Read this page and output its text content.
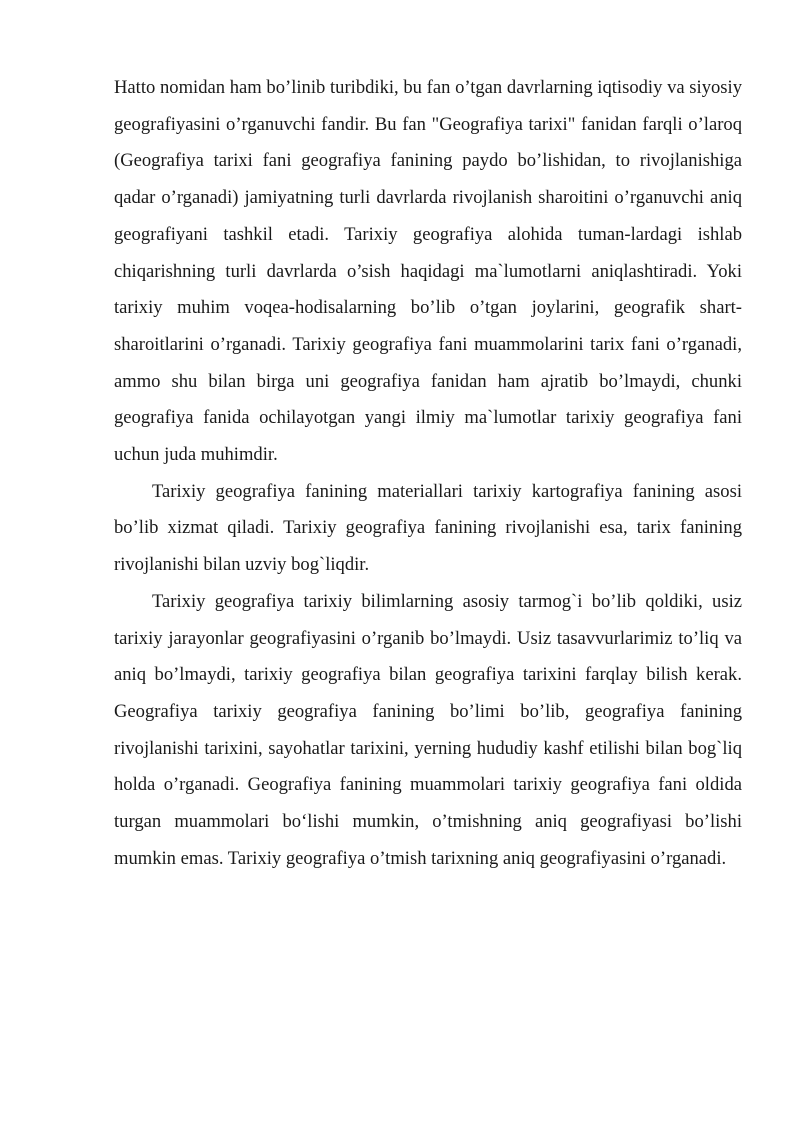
Hatto nomidan ham bo’linib turibdiki, bu fan o’tgan davrlarning iqtisodiy va siyosiy geografiyasini o’rganuvchi fandir. Bu fan "Geografiya tarixi" fanidan farqli o’laroq (Geografiya tarixi fani geografiya fanining paydo bo’lishidan, to rivojlanishiga qadar o’rganadi) jamiyatning turli davrlarda rivojlanish sharoitini o’rganuvchi aniq geografiyani tashkil etadi. Tarixiy geografiya alohida tuman-lardagi ishlab chiqarishning turli davrlarda o’sish haqidagi ma`lumotlarni aniqlashtiradi. Yoki tarixiy muhim voqea-hodisalarning bo’lib o’tgan joylarini, geografik shart-sharoitlarini o’rganadi. Tarixiy geografiya fani muammolarini tarix fani o’rganadi, ammo shu bilan birga uni geografiya fanidan ham ajratib bo’lmaydi, chunki geografiya fanida ochilayotgan yangi ilmiy ma`lumotlar tarixiy geografiya fani uchun juda muhimdir.

Tarixiy geografiya fanining materiallari tarixiy kartografiya fanining asosi bo’lib xizmat qiladi. Tarixiy geografiya fanining rivojlanishi esa, tarix fanining rivojlanishi bilan uzviy bog`liqdir.

Tarixiy geografiya tarixiy bilimlarning asosiy tarmog`i bo’lib qoldiki, usiz tarixiy jarayonlar geografiyasini o’rganib bo’lmaydi. Usiz tasavvurlarimiz to’liq va aniq bo’lmaydi, tarixiy geografiya bilan geografiya tarixini farqlay bilish kerak. Geografiya tarixiy geografiya fanining bo’limi bo’lib, geografiya fanining rivojlanishi tarixini, sayohatlar tarixini, yerning hududiy kashf etilishi bilan bog`liq holda o’rganadi. Geografiya fanining muammolari tarixiy geografiya fani oldida turgan muammolari bo‘lishi mumkin, o’tmishning aniq geografiyasi bo’lishi mumkin emas. Tarixiy geografiya o’tmish tarixning aniq geografiyasini o’rganadi.
